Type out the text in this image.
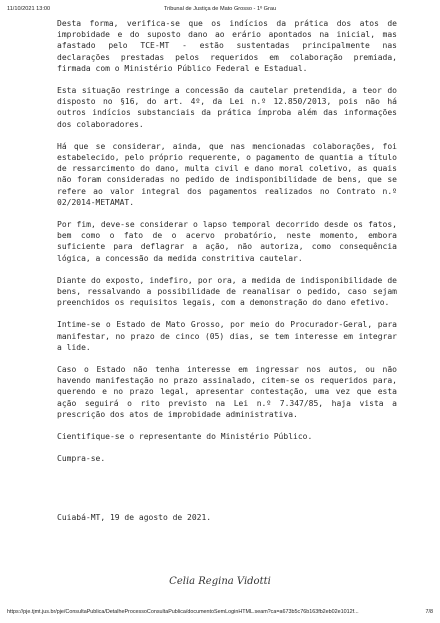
11/10/2021 13:00	Tribunal de Justiça de Mato Grosso - 1º Grau

Desta forma, verifica-se que os indícios da prática dos atos de improbidade e do suposto dano ao erário apontados na inicial, mas afastado pelo TCE-MT - estão sustentadas principalmente nas declarações prestadas pelos requeridos em colaboração premiada, firmada com o Ministério Público Federal e Estadual.

Esta situação restringe a concessão da cautelar pretendida, a teor do disposto no §16, do art. 4º, da Lei n.º 12.850/2013, pois não há outros indícios substanciais da prática ímproba além das informações dos colaboradores.

Há que se considerar, ainda, que nas mencionadas colaborações, foi estabelecido, pelo próprio requerente, o pagamento de quantia a título de ressarcimento do dano, multa civil e dano moral coletivo, as quais não foram consideradas no pedido de indisponibilidade de bens, que se refere ao valor integral dos pagamentos realizados no Contrato n.º 02/2014-METAMAT.

Por fim, deve-se considerar o lapso temporal decorrido desde os fatos, bem como o fato de o acervo probatório, neste momento, embora suficiente para deflagrar a ação, não autoriza, como consequência lógica, a concessão da medida constritiva cautelar.

Diante do exposto, indefiro, por ora, a medida de indisponibilidade de bens, ressalvando a possibilidade de reanalisar o pedido, caso sejam preenchidos os requisitos legais, com a demonstração do dano efetivo.

Intime-se o Estado de Mato Grosso, por meio do Procurador-Geral, para manifestar, no prazo de cinco (05) dias, se tem interesse em integrar a lide.

Caso o Estado não tenha interesse em ingressar nos autos, ou não havendo manifestação no prazo assinalado, citem-se os requeridos para, querendo e no prazo legal, apresentar contestação, uma vez que esta ação seguirá o rito previsto na Lei n.º 7.347/85, haja vista a prescrição dos atos de improbidade administrativa.

Cientifique-se o representante do Ministério Público.

Cumpra-se.

Cuiabá-MT, 19 de agosto de 2021.
Celia Regina Vidotti
https://pje.tjmt.jus.br/pje/ConsultaPublica/DetalheProcessoConsultaPublica/documentoSemLoginHTML.seam?ca=a673b5c76b163fb2eb02e1012f...	7/8
